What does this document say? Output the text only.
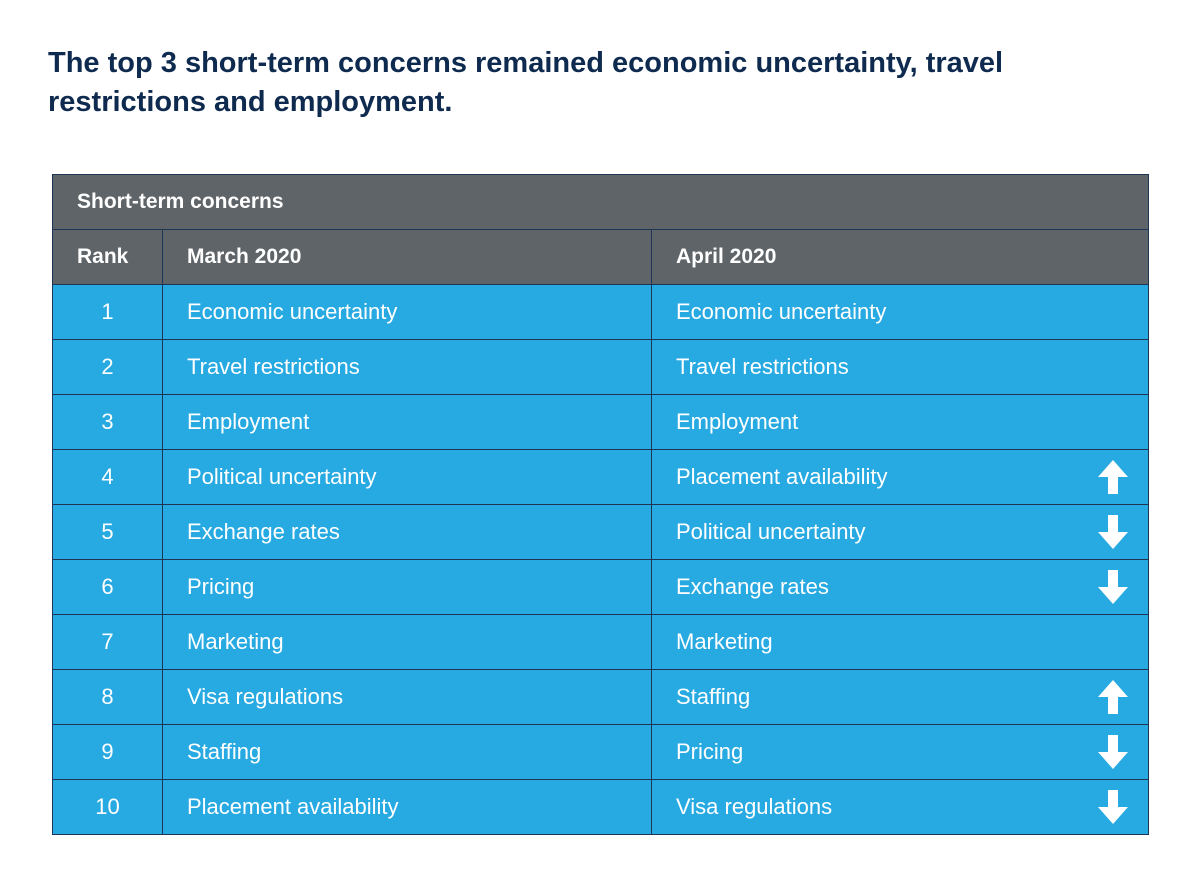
The top 3 short-term concerns remained economic uncertainty, travel restrictions and employment.
Short-term concerns		
Rank	March 2020	April 2020
1	Economic uncertainty	Economic uncertainty
2	Travel restrictions	Travel restrictions
3	Employment	Employment
4	Political uncertainty	Placement availability

5	Exchange rates	Political uncertainty

6	Pricing	Exchange rates

7	Marketing	Marketing
8	Visa regulations	Staffing

9	Staffing	Pricing

10	Placement availability	Visa regulations
